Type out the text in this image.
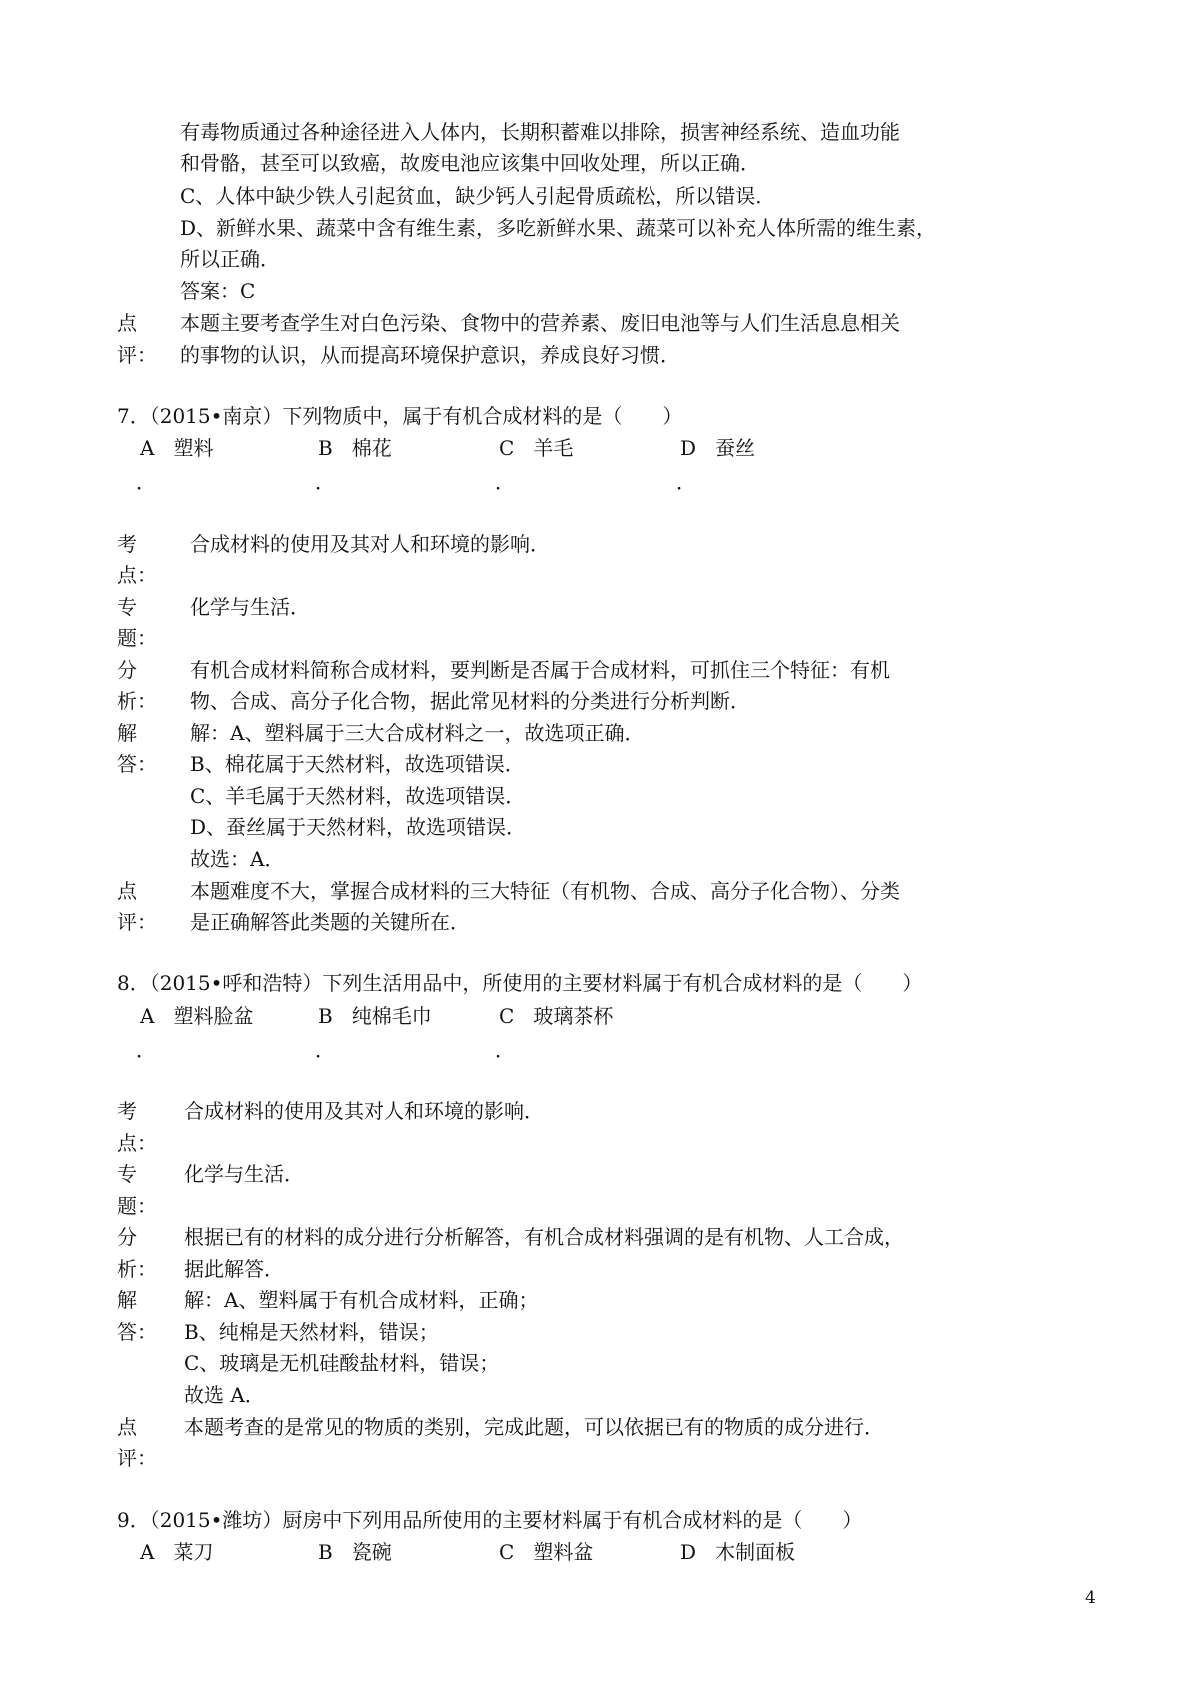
有毒物质通过各种途径进入人体内，长期积蓄难以排除，损害神经系统、造血功能
和骨骼，甚至可以致癌，故废电池应该集中回收处理，所以正确．
C、人体中缺少铁人引起贫血，缺少钙人引起骨质疏松，所以错误．
D、新鲜水果、蔬菜中含有维生素，多吃新鲜水果、蔬菜可以补充人体所需的维生素，
所以正确．
答案：C
点
评：
本题主要考查学生对白色污染、食物中的营养素、废旧电池等与人们生活息息相关
的事物的认识，从而提高环境保护意识，养成良好习惯．
7．（2015•南京）下列物质中，属于有机合成材料的是（　　）
A 塑料	B 棉花	C 羊毛	D 蚕丝
．	．	．	．
考
点：
合成材料的使用及其对人和环境的影响．
专
题：
化学与生活．
分
析：
有机合成材料简称合成材料，要判断是否属于合成材料，可抓住三个特征：有机
物、合成、高分子化合物，据此常见材料的分类进行分析判断．
解
答：
解：A、塑料属于三大合成材料之一，故选项正确．
B、棉花属于天然材料，故选项错误．
C、羊毛属于天然材料，故选项错误．
D、蚕丝属于天然材料，故选项错误．
故选：A．
点
评：
本题难度不大，掌握合成材料的三大特征（有机物、合成、高分子化合物）、分类
是正确解答此类题的关键所在．
8．（2015•呼和浩特）下列生活用品中，所使用的主要材料属于有机合成材料的是（　　）
A 塑料脸盆	B 纯棉毛巾	C 玻璃茶杯
．	．	．
考
点：
合成材料的使用及其对人和环境的影响．
专
题：
化学与生活．
分
析：
根据已有的材料的成分进行分析解答，有机合成材料强调的是有机物、人工合成，
据此解答．
解
答：
解：A、塑料属于有机合成材料，正确；
B、纯棉是天然材料，错误；
C、玻璃是无机硅酸盐材料，错误；
故选 A．
点
评：
本题考查的是常见的物质的类别，完成此题，可以依据已有的物质的成分进行．
9．（2015•潍坊）厨房中下列用品所使用的主要材料属于有机合成材料的是（　　）
A 菜刀	B 瓷碗	C 塑料盆	D 木制面板
4
